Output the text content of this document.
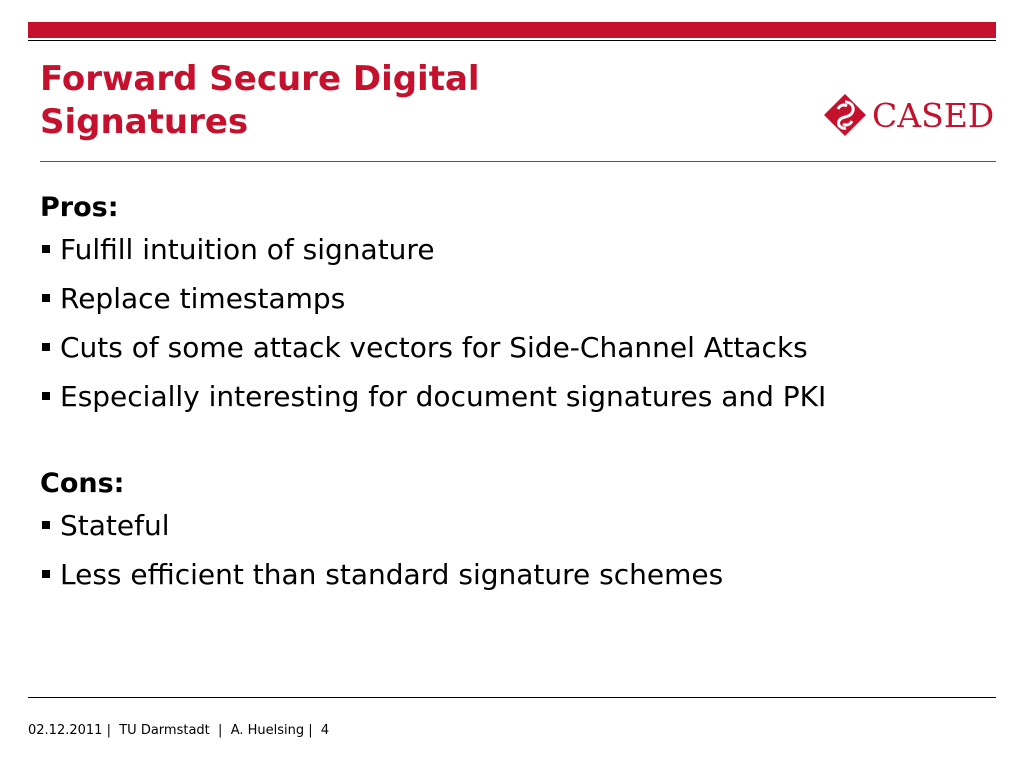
Forward Secure Digital Signatures	CASED
Pros:
Fulfill intuition of signature
Replace timestamps
Cuts of some attack vectors for Side-Channel Attacks
Especially interesting for document signatures and PKI
Cons:
Stateful
Less efficient than standard signature schemes
02.12.2011 | TU Darmstadt | A. Huelsing | 4
